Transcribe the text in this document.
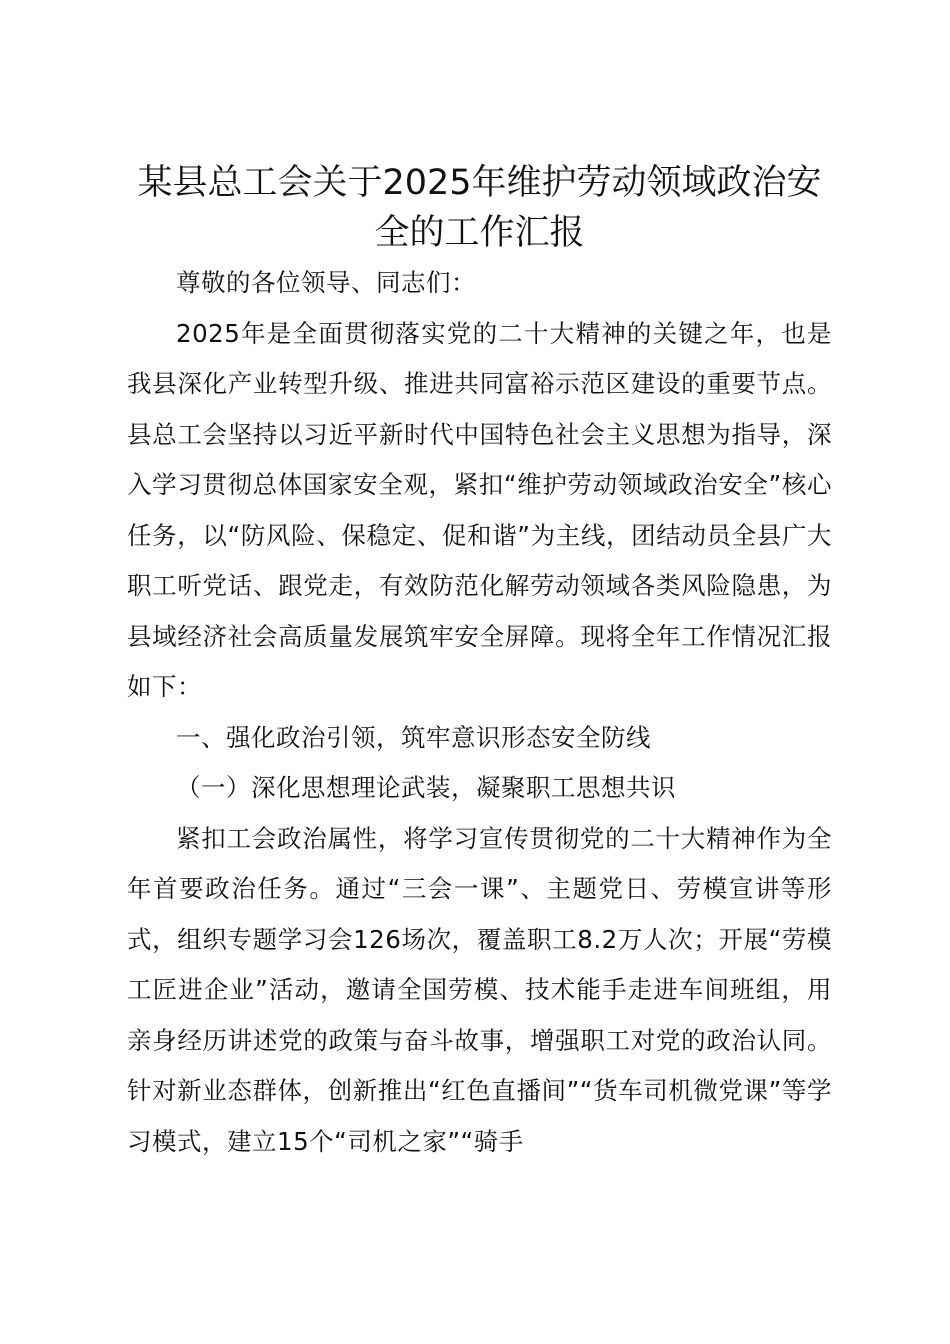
某县总工会关于2025年维护劳动领域政治安全的工作汇报

尊敬的各位领导、同志们：

2025年是全面贯彻落实党的二十大精神的关键之年，也是我县深化产业转型升级、推进共同富裕示范区建设的重要节点。县总工会坚持以习近平新时代中国特色社会主义思想为指导，深入学习贯彻总体国家安全观，紧扣“维护劳动领域政治安全”核心任务，以“防风险、保稳定、促和谐”为主线，团结动员全县广大职工听党话、跟党走，有效防范化解劳动领域各类风险隐患，为县域经济社会高质量发展筑牢安全屏障。现将全年工作情况汇报如下：

一、强化政治引领，筑牢意识形态安全防线

（一）深化思想理论武装，凝聚职工思想共识

紧扣工会政治属性，将学习宣传贯彻党的二十大精神作为全年首要政治任务。通过“三会一课”、主题党日、劳模宣讲等形式，组织专题学习会126场次，覆盖职工8.2万人次；开展“劳模工匠进企业”活动，邀请全国劳模、技术能手走进车间班组，用亲身经历讲述党的政策与奋斗故事，增强职工对党的政治认同。针对新业态群体，创新推出“红色直播间”“货车司机微党课”等学习模式，建立15个“司机之家”“骑手
